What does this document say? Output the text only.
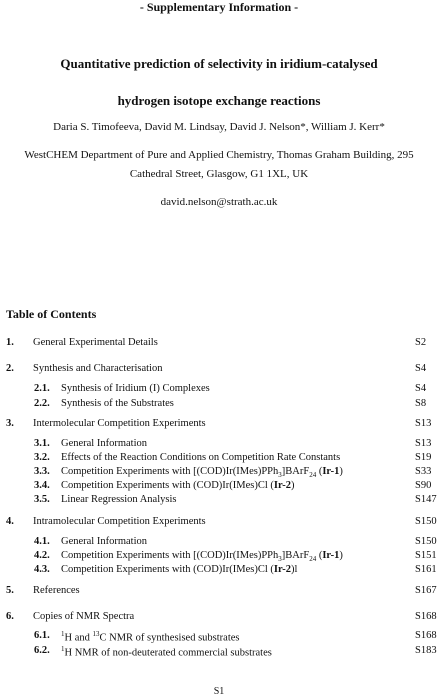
- Supplementary Information -
Quantitative prediction of selectivity in iridium-catalysed
hydrogen isotope exchange reactions
Daria S. Timofeeva, David M. Lindsay, David J. Nelson*, William J. Kerr*
WestCHEM Department of Pure and Applied Chemistry, Thomas Graham Building, 295
Cathedral Street, Glasgow, G1 1XL, UK
david.nelson@strath.ac.uk
Table of Contents
1. General Experimental Details	S2
2. Synthesis and Characterisation	S4
2.1. Synthesis of Iridium (I) Complexes	S4
2.2. Synthesis of the Substrates	S8
3. Intermolecular Competition Experiments	S13
3.1. General Information	S13
3.2. Effects of the Reaction Conditions on Competition Rate Constants	S19
3.3. Competition Experiments with [(COD)Ir(IMes)PPh$_3$]BArF$_{24}$ (Ir-1)	S33
3.4. Competition Experiments with (COD)Ir(IMes)Cl (Ir-2)	S90
3.5. Linear Regression Analysis	S147
4. Intramolecular Competition Experiments	S150
4.1. General Information	S150
4.2. Competition Experiments with [(COD)Ir(IMes)PPh$_3$]BArF$_{24}$ (Ir-1)	S151
4.3. Competition Experiments with (COD)Ir(IMes)Cl (Ir-2)l	S161
5. References	S167
6. Copies of NMR Spectra	S168
6.1. $^1$H and $^{13}$C NMR of synthesised substrates	S168
6.2. $^1$H NMR of non-deuterated commercial substrates	S183
S1
